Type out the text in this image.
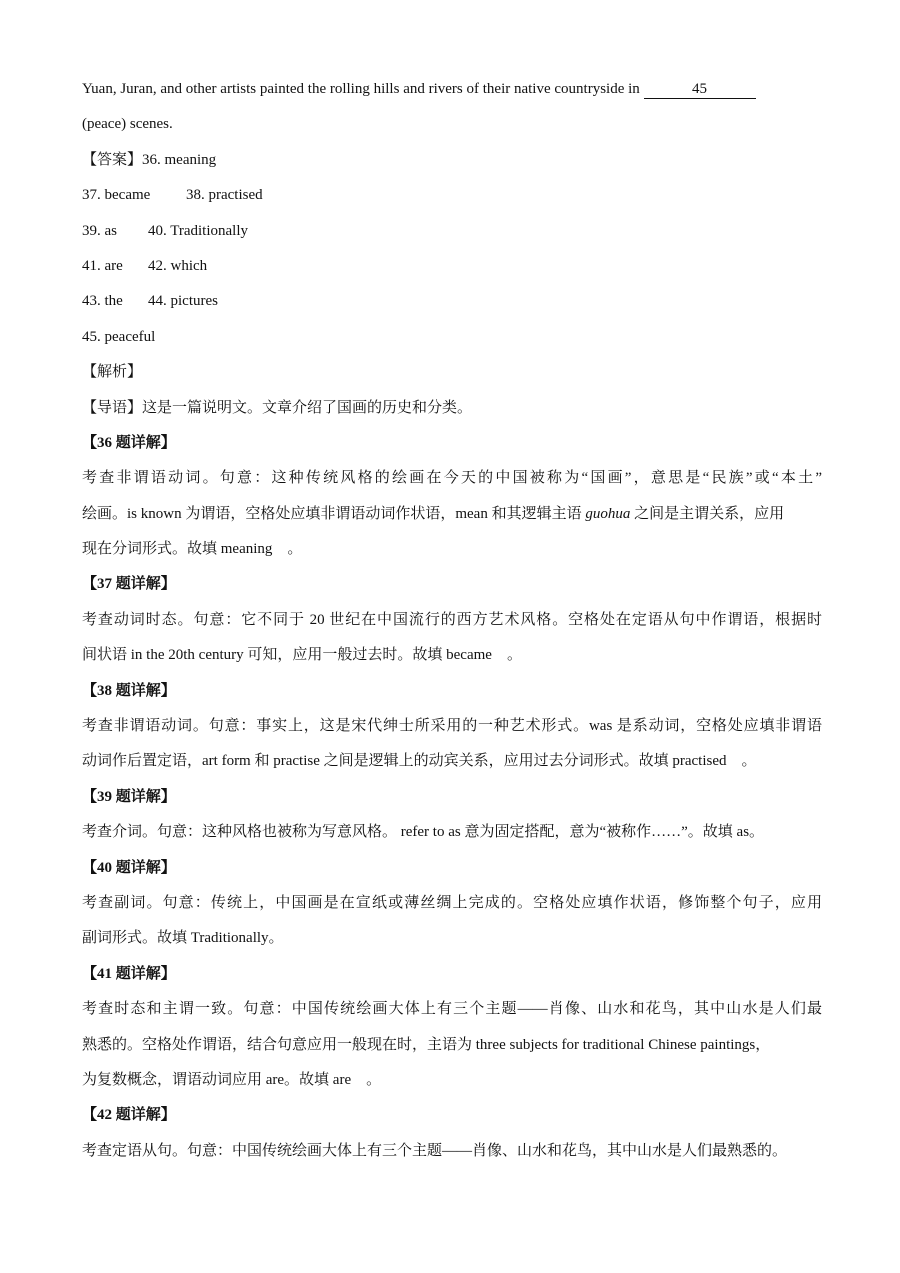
Yuan, Juran, and other artists painted the rolling hills and rivers of their native countryside in	45
(peace) scenes.
【答案】36. meaning
37. became 38. practised
39. as 40. Traditionally
41. are 42. which
43. the 44. pictures
45. peaceful
【解析】
【导语】这是一篇说明文。文章介绍了国画的历史和分类。
【36 题详解】
考查非谓语动词。句意：这种传统风格的绘画在今天的中国被称为“国画”，意思是“民族”或“本土”
绘画。is known 为谓语，空格处应填非谓语动词作状语，mean 和其逻辑主语 guohua 之间是主谓关系，应用
现在分词形式。故填 meaning　。
【37 题详解】
考查动词时态。句意：它不同于 20 世纪在中国流行的西方艺术风格。空格处在定语从句中作谓语，根据时
间状语 in the 20th century 可知，应用一般过去时。故填 became　。
【38 题详解】
考查非谓语动词。句意：事实上，这是宋代绅士所采用的一种艺术形式。was 是系动词，空格处应填非谓语
动词作后置定语，art form 和 practise 之间是逻辑上的动宾关系，应用过去分词形式。故填 practised　。
【39 题详解】
考查介词。句意：这种风格也被称为写意风格。 refer to as 意为固定搭配，意为“被称作……”。故填 as。
【40 题详解】
考查副词。句意：传统上，中国画是在宣纸或薄丝绸上完成的。空格处应填作状语，修饰整个句子，应用
副词形式。故填 Traditionally。
【41 题详解】
考查时态和主谓一致。句意：中国传统绘画大体上有三个主题——肖像、山水和花鸟，其中山水是人们最
熟悉的。空格处作谓语，结合句意应用一般现在时，主语为 three subjects for traditional Chinese paintings，
为复数概念，谓语动词应用 are。故填 are　。
【42 题详解】
考查定语从句。句意：中国传统绘画大体上有三个主题——肖像、山水和花鸟，其中山水是人们最熟悉的。
